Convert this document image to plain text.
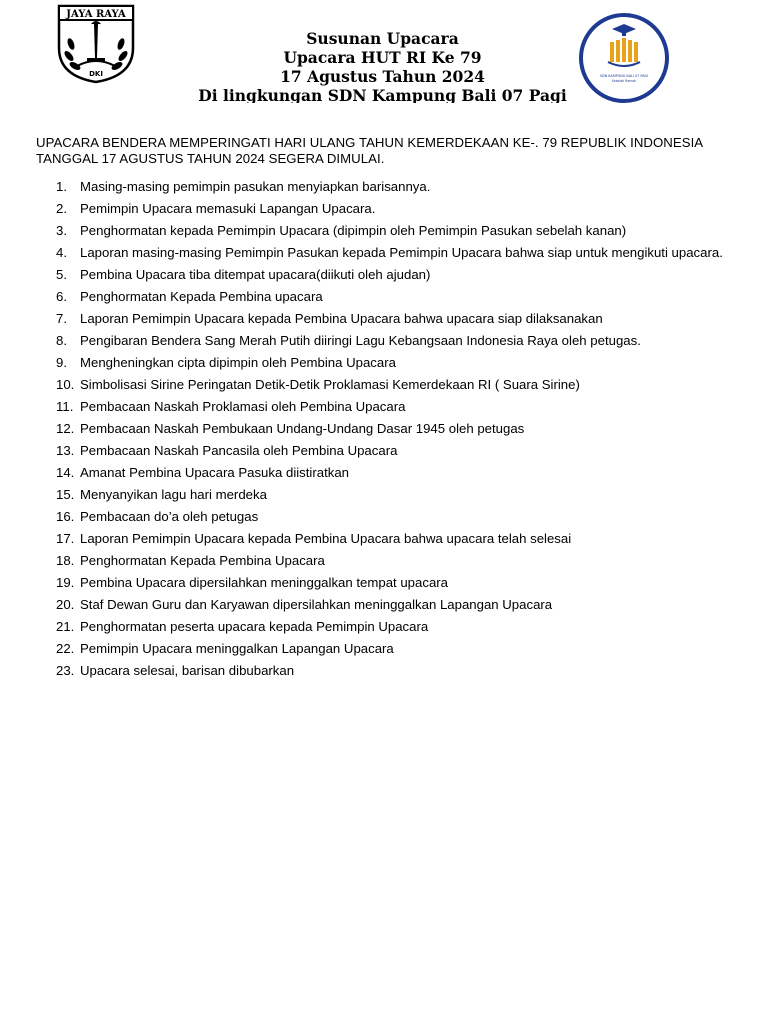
JAYA RAYA
DKI	SDN KAMPUNG BALI 07 PAGI
Sekolah Ramah
Susunan Upacara
Upacara HUT RI Ke 79
17 Agustus Tahun 2024
Di lingkungan SDN Kampung Bali 07 Pagi
UPACARA BENDERA MEMPERINGATI HARI ULANG TAHUN KEMERDEKAAN KE-. 79 REPUBLIK INDONESIA TANGGAL 17 AGUSTUS TAHUN 2024 SEGERA DIMULAI.
1. Masing-masing pemimpin pasukan menyiapkan barisannya.
2. Pemimpin Upacara memasuki Lapangan Upacara.
3. Penghormatan kepada Pemimpin Upacara (dipimpin oleh Pemimpin Pasukan sebelah kanan)
4. Laporan masing-masing Pemimpin Pasukan kepada Pemimpin Upacara bahwa siap untuk mengikuti upacara.
5. Pembina Upacara tiba ditempat upacara(diikuti oleh ajudan)
6. Penghormatan Kepada Pembina upacara
7. Laporan Pemimpin Upacara kepada Pembina Upacara bahwa upacara siap dilaksanakan
8. Pengibaran Bendera Sang Merah Putih diiringi Lagu Kebangsaan Indonesia Raya oleh petugas.
9. Mengheningkan cipta dipimpin oleh Pembina Upacara
10. Simbolisasi Sirine Peringatan Detik-Detik Proklamasi Kemerdekaan RI ( Suara Sirine)
11. Pembacaan Naskah Proklamasi oleh Pembina Upacara
12. Pembacaan Naskah Pembukaan Undang-Undang Dasar 1945 oleh petugas
13. Pembacaan Naskah Pancasila oleh Pembina Upacara
14. Amanat Pembina Upacara Pasuka diistiratkan
15. Menyanyikan lagu hari merdeka
16. Pembacaan do’a oleh petugas
17. Laporan Pemimpin Upacara kepada Pembina Upacara bahwa upacara telah selesai
18. Penghormatan Kepada Pembina Upacara
19. Pembina Upacara dipersilahkan meninggalkan tempat upacara
20. Staf Dewan Guru dan Karyawan dipersilahkan meninggalkan Lapangan Upacara
21. Penghormatan peserta upacara kepada Pemimpin Upacara
22. Pemimpin Upacara meninggalkan Lapangan Upacara
23. Upacara selesai, barisan dibubarkan
